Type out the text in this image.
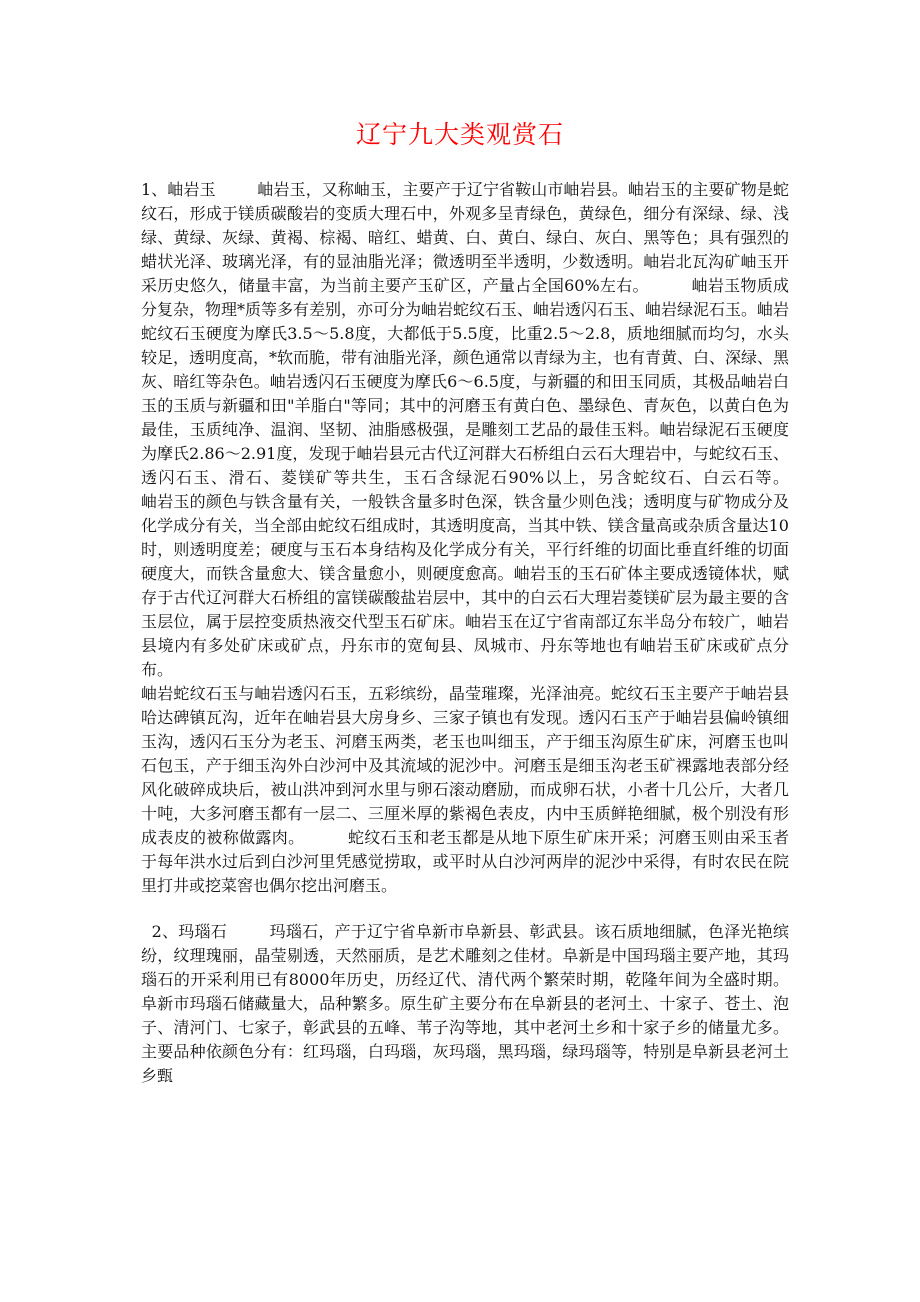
辽宁九大类观赏石

1、岫岩玉        岫岩玉，又称岫玉，主要产于辽宁省鞍山市岫岩县。岫岩玉的主要矿物是蛇纹石，形成于镁质碳酸岩的变质大理石中，外观多呈青绿色，黄绿色，细分有深绿、绿、浅绿、黄绿、灰绿、黄褐、棕褐、暗红、蜡黄、白、黄白、绿白、灰白、黑等色；具有强烈的蜡状光泽、玻璃光泽，有的显油脂光泽；微透明至半透明，少数透明。岫岩北瓦沟矿岫玉开采历史悠久，储量丰富，为当前主要产玉矿区，产量占全国60%左右。        岫岩玉物质成分复杂，物理*质等多有差别，亦可分为岫岩蛇纹石玉、岫岩透闪石玉、岫岩绿泥石玉。岫岩蛇纹石玉硬度为摩氏3.5～5.8度，大都低于5.5度，比重2.5～2.8，质地细腻而均匀，水头较足，透明度高，*软而脆，带有油脂光泽，颜色通常以青绿为主，也有青黄、白、深绿、黑灰、暗红等杂色。岫岩透闪石玉硬度为摩氏6～6.5度，与新疆的和田玉同质，其极品岫岩白玉的玉质与新疆和田"羊脂白"等同；其中的河磨玉有黄白色、墨绿色、青灰色，以黄白色为最佳，玉质纯净、温润、坚韧、油脂感极强，是雕刻工艺品的最佳玉料。岫岩绿泥石玉硬度为摩氏2.86～2.91度，发现于岫岩县元古代辽河群大石桥组白云石大理岩中，与蛇纹石玉、透闪石玉、滑石、菱镁矿等共生，玉石含绿泥石90%以上，另含蛇纹石、白云石等。        岫岩玉的颜色与铁含量有关，一般铁含量多时色深，铁含量少则色浅；透明度与矿物成分及化学成分有关，当全部由蛇纹石组成时，其透明度高，当其中铁、镁含量高或杂质含量达10时，则透明度差；硬度与玉石本身结构及化学成分有关，平行纤维的切面比垂直纤维的切面硬度大，而铁含量愈大、镁含量愈小，则硬度愈高。岫岩玉的玉石矿体主要成透镜体状，赋存于古代辽河群大石桥组的富镁碳酸盐岩层中，其中的白云石大理岩菱镁矿层为最主要的含玉层位，属于层控变质热液交代型玉石矿床。岫岩玉在辽宁省南部辽东半岛分布较广，岫岩县境内有多处矿床或矿点，丹东市的宽甸县、凤城市、丹东等地也有岫岩玉矿床或矿点分布。

岫岩蛇纹石玉与岫岩透闪石玉，五彩缤纷，晶莹璀璨，光泽油亮。蛇纹石玉主要产于岫岩县哈达碑镇瓦沟，近年在岫岩县大房身乡、三家子镇也有发现。透闪石玉产于岫岩县偏岭镇细玉沟，透闪石玉分为老玉、河磨玉两类，老玉也叫细玉，产于细玉沟原生矿床，河磨玉也叫石包玉，产于细玉沟外白沙河中及其流域的泥沙中。河磨玉是细玉沟老玉矿裸露地表部分经风化破碎成块后，被山洪冲到河水里与卵石滚动磨励，而成卵石状，小者十几公斤，大者几十吨，大多河磨玉都有一层二、三厘米厚的紫褐色表皮，内中玉质鲜艳细腻，极个别没有形成表皮的被称做露肉。        蛇纹石玉和老玉都是从地下原生矿床开采；河磨玉则由采玉者于每年洪水过后到白沙河里凭感觉捞取，或平时从白沙河两岸的泥沙中采得，有时农民在院里打井或挖菜窖也偶尔挖出河磨玉。

2、玛瑙石        玛瑙石，产于辽宁省阜新市阜新县、彰武县。该石质地细腻，色泽光艳缤纷，纹理瑰丽，晶莹剔透，天然丽质，是艺术雕刻之佳材。阜新是中国玛瑙主要产地，其玛瑙石的开采利用已有8000年历史，历经辽代、清代两个繁荣时期，乾隆年间为全盛时期。        阜新市玛瑙石储藏量大，品种繁多。原生矿主要分布在阜新县的老河土、十家子、苍土、泡子、清河门、七家子，彰武县的五峰、苇子沟等地，其中老河土乡和十家子乡的储量尤多。主要品种依颜色分有：红玛瑙，白玛瑙，灰玛瑙，黑玛瑙，绿玛瑙等，特别是阜新县老河土乡甄
